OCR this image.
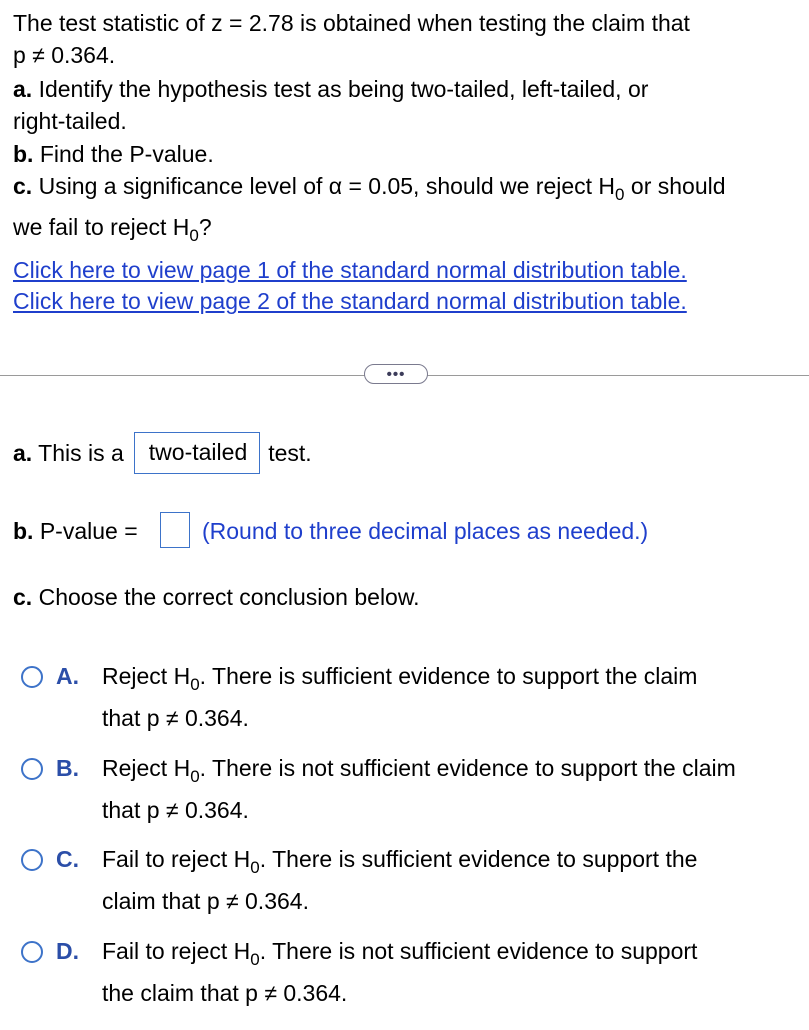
The test statistic of z = 2.78 is obtained when testing the claim that
p ≠ 0.364.
a. Identify the hypothesis test as being two-tailed, left-tailed, or
right-tailed.
b. Find the P-value.
c. Using a significance level of α = 0.05, should we reject $H_0$ or should
we fail to reject $H_0$?
Click here to view page 1 of the standard normal distribution table.
Click here to view page 2 of the standard normal distribution table.
•••
a. This is a	two-tailed test.
b. P-value =	(Round to three decimal places as needed.)
c. Choose the correct conclusion below.
A. Reject $H_0$. There is sufficient evidence to support the claim
that p ≠ 0.364.
B. Reject $H_0$. There is not sufficient evidence to support the claim
that p ≠ 0.364.
C. Fail to reject $H_0$. There is sufficient evidence to support the
claim that p ≠ 0.364.
D. Fail to reject $H_0$. There is not sufficient evidence to support
the claim that p ≠ 0.364.
